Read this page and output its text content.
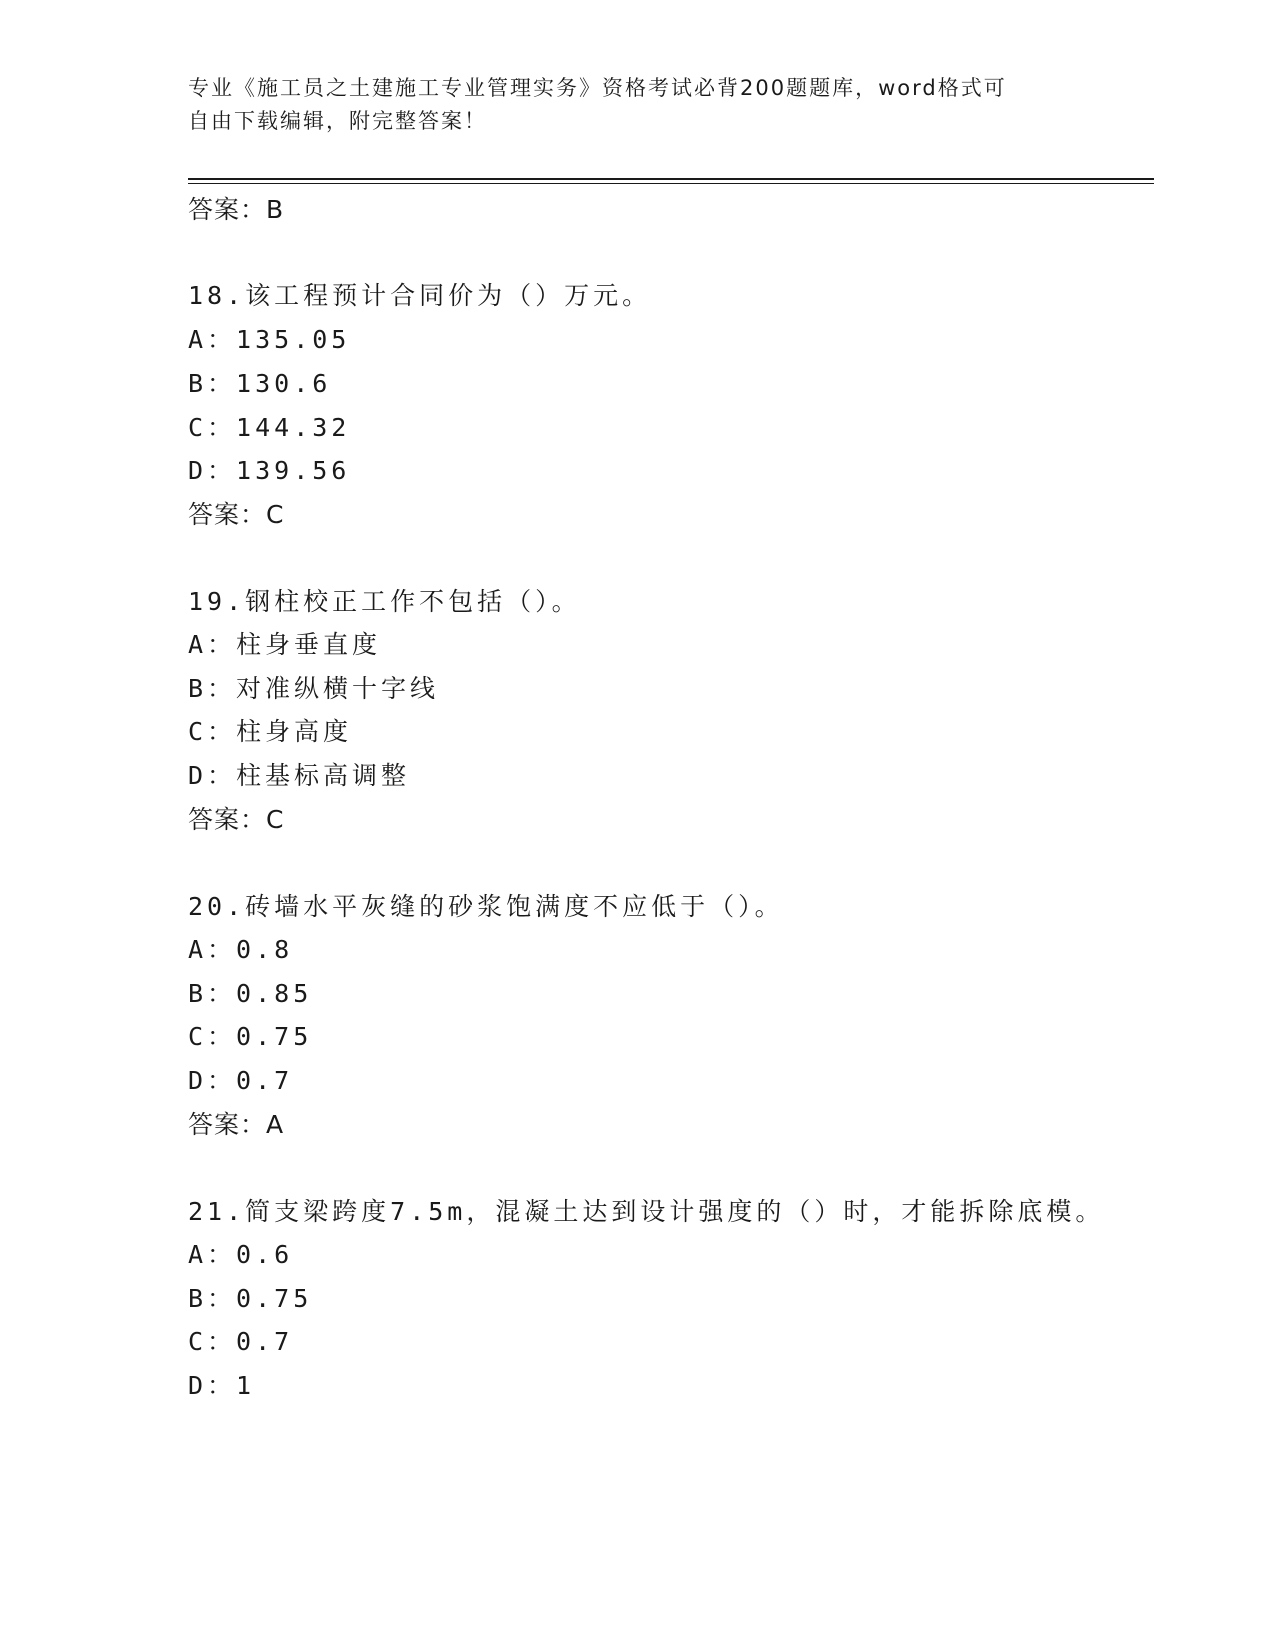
专业《施工员之土建施工专业管理实务》资格考试必背200题题库，word格式可
自由下载编辑，附完整答案！
答案：B
18.该工程预计合同价为（）万元。
A：135.05
B：130.6
C：144.32
D：139.56
答案：C
19.钢柱校正工作不包括（）。
A：柱身垂直度
B：对准纵横十字线
C：柱身高度
D：柱基标高调整
答案：C
20.砖墙水平灰缝的砂浆饱满度不应低于（）。
A：0.8
B：0.85
C：0.75
D：0.7
答案：A
21.简支梁跨度7.5m，混凝土达到设计强度的（）时，才能拆除底模。
A：0.6
B：0.75
C：0.7
D：1
